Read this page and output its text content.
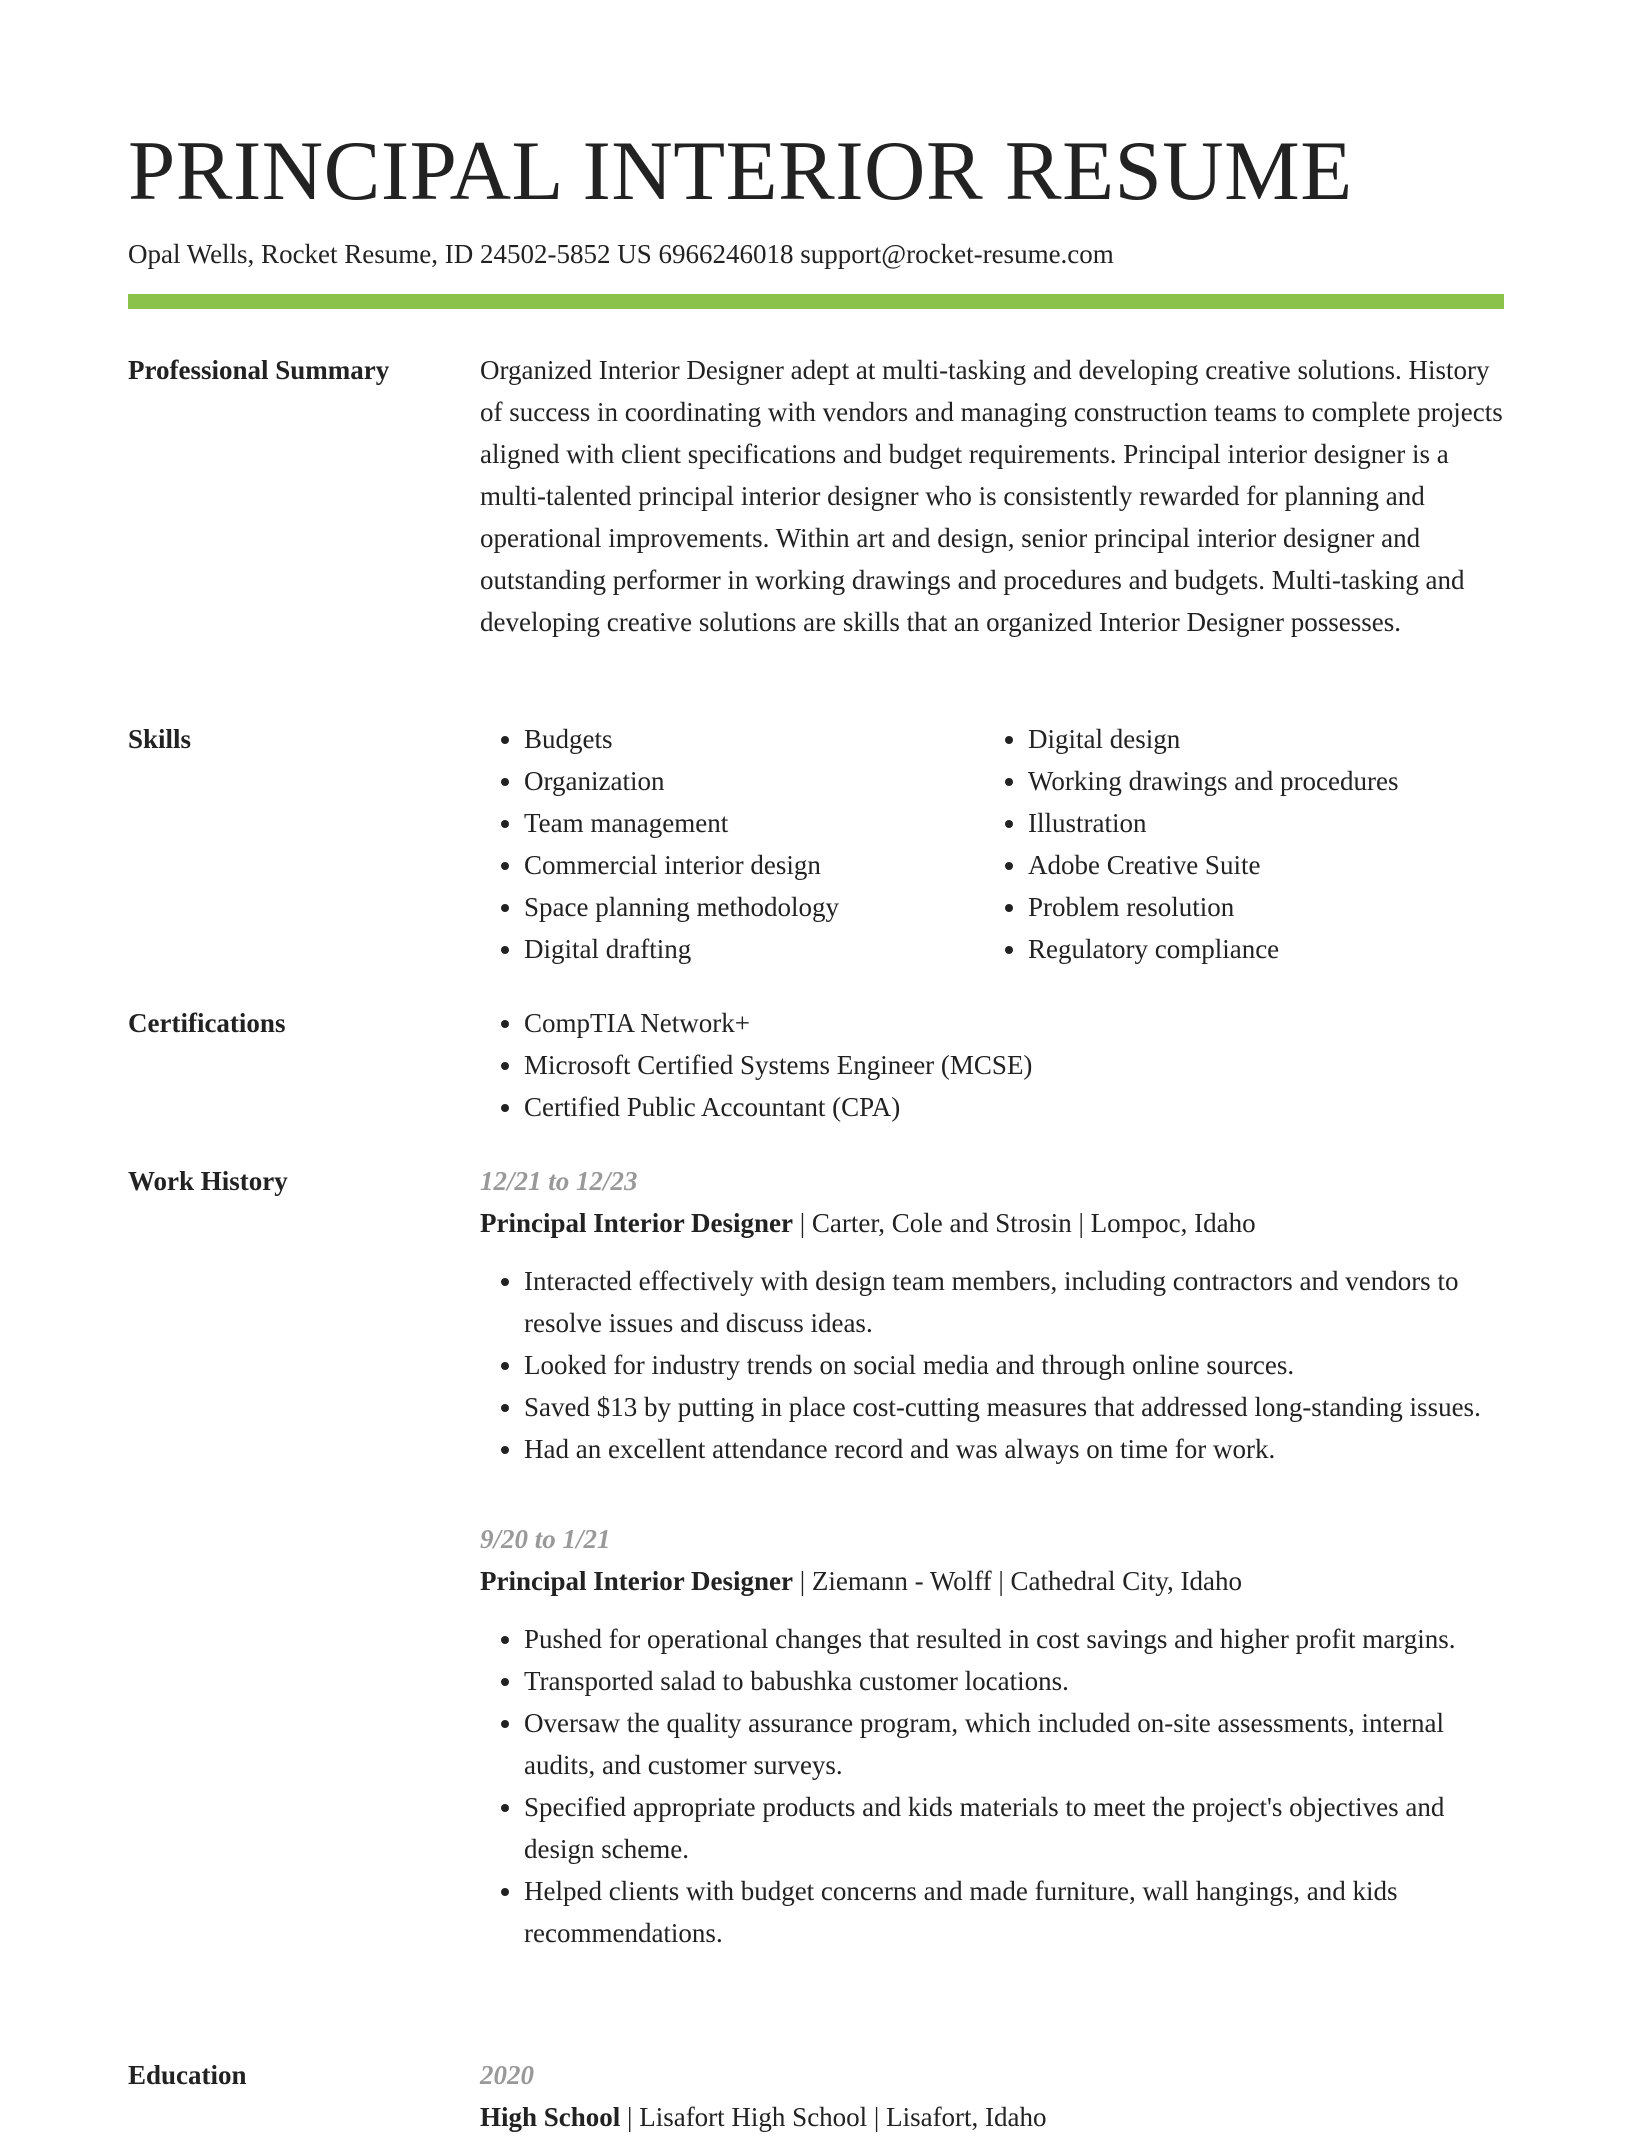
PRINCIPAL INTERIOR RESUME
Opal Wells, Rocket Resume, ID 24502-5852 US 6966246018 support@rocket-resume.com
Professional Summary	Organized Interior Designer adept at multi-tasking and developing creative solutions. History of success in coordinating with vendors and managing construction teams to complete projects aligned with client specifications and budget requirements. Principal interior designer is a multi-talented principal interior designer who is consistently rewarded for planning and operational improvements. Within art and design, senior principal interior designer and outstanding performer in working drawings and procedures and budgets. Multi-tasking and developing creative solutions are skills that an organized Interior Designer possesses.

Skills	• Budgets
• Organization
• Team management
• Commercial interior design
• Space planning methodology
• Digital drafting
• Digital design
• Working drawings and procedures
• Illustration
• Adobe Creative Suite
• Problem resolution
• Regulatory compliance
Certifications	• CompTIA Network+
• Microsoft Certified Systems Engineer (MCSE)
• Certified Public Accountant (CPA)
Work History	12/21 to 12/23
Principal Interior Designer | Carter, Cole and Strosin | Lompoc, Idaho
• Interacted effectively with design team members, including contractors and vendors to resolve issues and discuss ideas.
• Looked for industry trends on social media and through online sources.
• Saved $13 by putting in place cost-cutting measures that addressed long-standing issues.
• Had an excellent attendance record and was always on time for work.
9/20 to 1/21
Principal Interior Designer | Ziemann - Wolff | Cathedral City, Idaho
• Pushed for operational changes that resulted in cost savings and higher profit margins.
• Transported salad to babushka customer locations.
• Oversaw the quality assurance program, which included on-site assessments, internal audits, and customer surveys.
• Specified appropriate products and kids materials to meet the project's objectives and design scheme.
• Helped clients with budget concerns and made furniture, wall hangings, and kids recommendations.
Education	2020
High School | Lisafort High School | Lisafort, Idaho
